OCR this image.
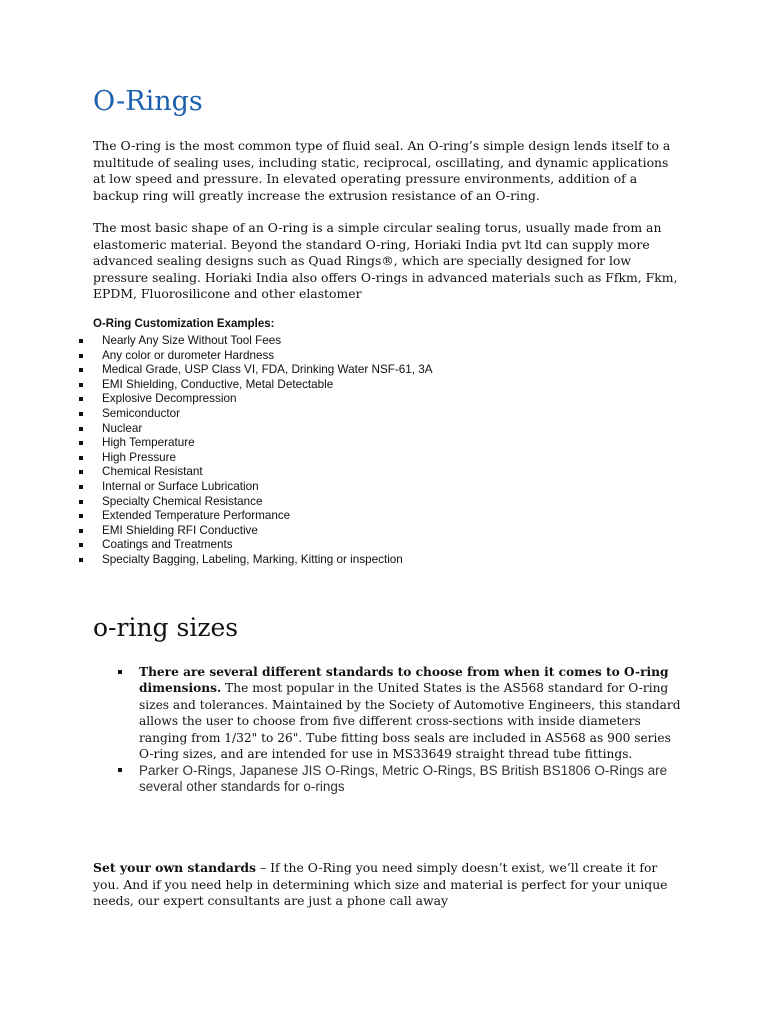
O-Rings

The O-ring is the most common type of fluid seal. An O-ring’s simple design lends itself to a multitude of sealing uses, including static, reciprocal, oscillating, and dynamic applications at low speed and pressure. In elevated operating pressure environments, addition of a backup ring will greatly increase the extrusion resistance of an O-ring.

The most basic shape of an O-ring is a simple circular sealing torus, usually made from an elastomeric material. Beyond the standard O-ring, Horiaki India pvt ltd can supply more advanced sealing designs such as Quad Rings®, which are specially designed for low pressure sealing. Horiaki India also offers O-rings in advanced materials such as Ffkm, Fkm, EPDM, Fluorosilicone and other elastomer

O-Ring Customization Examples:

Nearly Any Size Without Tool Fees
Any color or durometer Hardness
Medical Grade, USP Class VI, FDA, Drinking Water NSF-61, 3A
EMI Shielding, Conductive, Metal Detectable
Explosive Decompression
Semiconductor
Nuclear
High Temperature
High Pressure
Chemical Resistant
Internal or Surface Lubrication
Specialty Chemical Resistance
Extended Temperature Performance
EMI Shielding RFI Conductive
Coatings and Treatments
Specialty Bagging, Labeling, Marking, Kitting or inspection
o-ring sizes
There are several different standards to choose from when it comes to O-ring dimensions. The most popular in the United States is the AS568 standard for O-ring sizes and tolerances. Maintained by the Society of Automotive Engineers, this standard allows the user to choose from five different cross-sections with inside diameters ranging from 1/32" to 26". Tube fitting boss seals are included in AS568 as 900 series O-ring sizes, and are intended for use in MS33649 straight thread tube fittings.
Parker O-Rings, Japanese JIS O-Rings, Metric O-Rings, BS British BS1806 O-Rings are several other standards for o-rings

Set your own standards – If the O-Ring you need simply doesn’t exist, we’ll create it for you. And if you need help in determining which size and material is perfect for your unique needs, our expert consultants are just a phone call away
